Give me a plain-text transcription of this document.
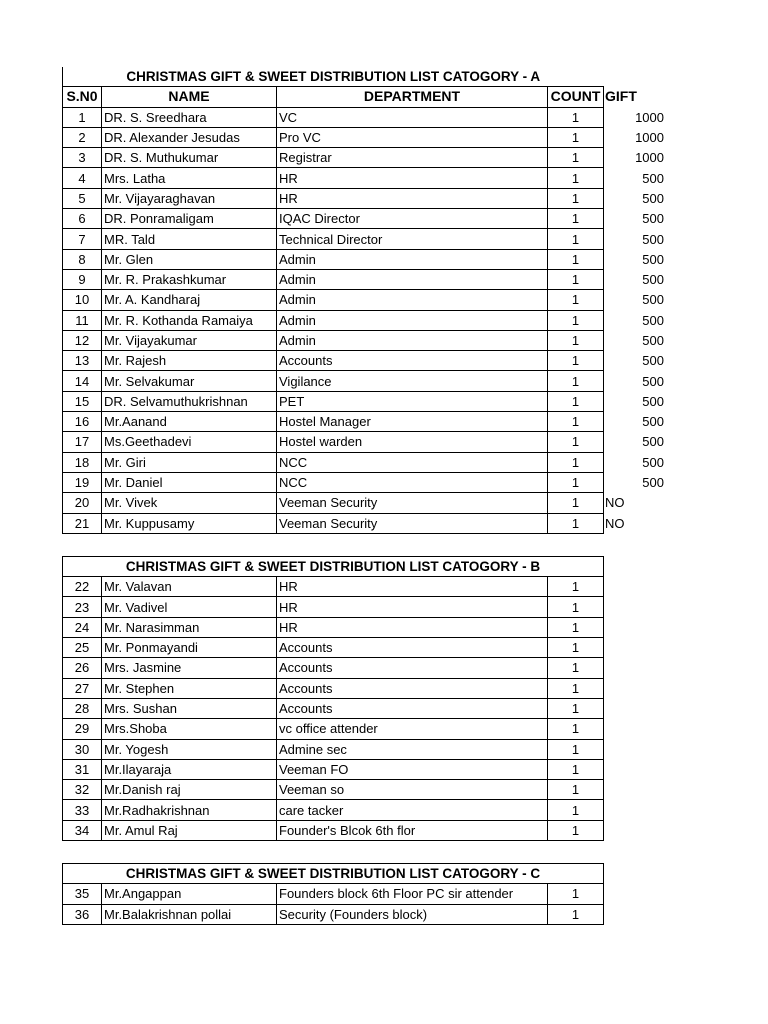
CHRISTMAS GIFT & SWEET DISTRIBUTION LIST CATOGORY - A				
S.N0	NAME	DEPARTMENT	COUNT	GIFT
1	DR. S. Sreedhara	VC	1	1000
2	DR. Alexander Jesudas	Pro VC	1	1000
3	DR. S. Muthukumar	Registrar	1	1000
4	Mrs. Latha	HR	1	500
5	Mr. Vijayaraghavan	HR	1	500
6	DR. Ponramaligam	IQAC Director	1	500
7	MR. Tald	Technical Director	1	500
8	Mr. Glen	Admin	1	500
9	Mr. R. Prakashkumar	Admin	1	500
10	Mr. A. Kandharaj	Admin	1	500
11	Mr. R. Kothanda Ramaiya	Admin	1	500
12	Mr. Vijayakumar	Admin	1	500
13	Mr. Rajesh	Accounts	1	500
14	Mr. Selvakumar	Vigilance	1	500
15	DR. Selvamuthukrishnan	PET	1	500
16	Mr.Aanand	Hostel Manager	1	500
17	Ms.Geethadevi	Hostel warden	1	500
18	Mr. Giri	NCC	1	500
19	Mr. Daniel	NCC	1	500
20	Mr. Vivek	Veeman Security	1	NO
21	Mr. Kuppusamy	Veeman Security	1	NO

CHRISTMAS GIFT & SWEET DISTRIBUTION LIST CATOGORY - B				
22	Mr. Valavan	HR	1	
23	Mr. Vadivel	HR	1	
24	Mr. Narasimman	HR	1	
25	Mr. Ponmayandi	Accounts	1	
26	Mrs. Jasmine	Accounts	1	
27	Mr. Stephen	Accounts	1	
28	Mrs. Sushan	Accounts	1	
29	Mrs.Shoba	vc office attender	1	
30	Mr. Yogesh	Admine sec	1	
31	Mr.Ilayaraja	Veeman FO	1	
32	Mr.Danish raj	Veeman so	1	
33	Mr.Radhakrishnan	care tacker	1	
34	Mr. Amul Raj	Founder's Blcok 6th flor	1	

CHRISTMAS GIFT & SWEET DISTRIBUTION LIST CATOGORY - C				
35	Mr.Angappan	Founders block 6th Floor PC sir attender	1	
36	Mr.Balakrishnan pollai	Security (Founders block)	1	
